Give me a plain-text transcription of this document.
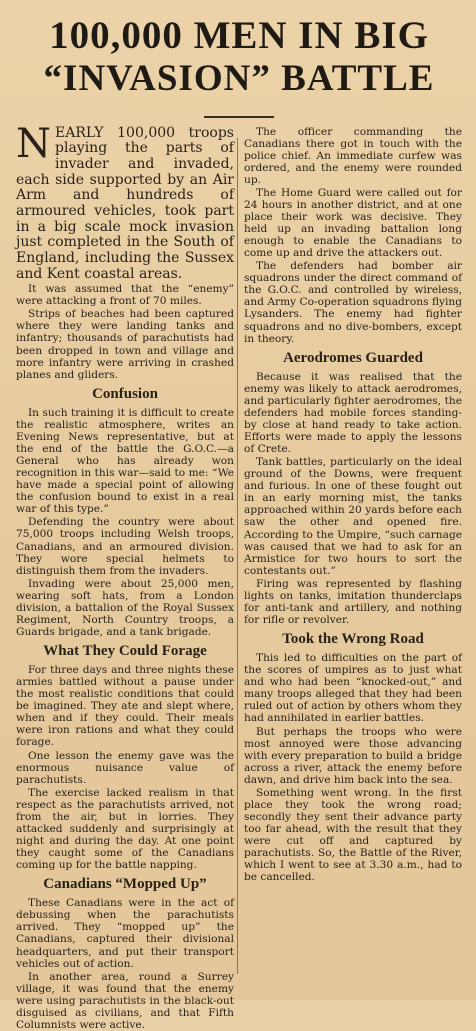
100,000 MEN IN BIG
“INVASION” BATTLE

NEARLY 100,000 troops playing the parts of invader and invaded, each side supported by an Air Arm and hundreds of armoured vehicles, took part in a big scale mock invasion just completed in the South of England, including the Sussex and Kent coastal areas.

It was assumed that the “enemy” were attacking a front of 70 miles.

Strips of beaches had been captured where they were landing tanks and infantry; thousands of parachutists had been dropped in town and village and more infantry were arriving in crashed planes and gliders.

Confusion

In such training it is difficult to create the realistic atmosphere, writes an Evening News representative, but at the end of the battle the G.O.C.—a General who has already won recognition in this war—said to me: “We have made a special point of allowing the confusion bound to exist in a real war of this type.”

Defending the country were about 75,000 troops including Welsh troops, Canadians, and an armoured division. They wore special helmets to distinguish them from the invaders.

Invading were about 25,000 men, wearing soft hats, from a London division, a battalion of the Royal Sussex Regiment, North Country troops, a Guards brigade, and a tank brigade.

What They Could Forage

For three days and three nights these armies battled without a pause under the most realistic conditions that could be imagined. They ate and slept where, when and if they could. Their meals were iron rations and what they could forage.

One lesson the enemy gave was the enormous nuisance value of parachutists.

The exercise lacked realism in that respect as the parachutists arrived, not from the air, but in lorries. They attacked suddenly and surprisingly at night and during the day. At one point they caught some of the Canadians coming up for the battle napping.

Canadians “Mopped Up”

These Canadians were in the act of debussing when the parachutists arrived. They “mopped up” the Canadians, captured their divisional headquarters, and put their transport vehicles out of action.

In another area, round a Surrey village, it was found that the enemy were using parachutists in the black-out disguised as civilians, and that Fifth Columnists were active.

The officer commanding the Canadians there got in touch with the police chief. An immediate curfew was ordered, and the enemy were rounded up.

The Home Guard were called out for 24 hours in another district, and at one place their work was decisive. They held up an invading battalion long enough to enable the Canadians to come up and drive the attackers out.

The defenders had bomber air squadrons under the direct command of the G.O.C. and controlled by wireless, and Army Co-operation squadrons flying Lysanders. The enemy had fighter squadrons and no dive-bombers, except in theory.

Aerodromes Guarded

Because it was realised that the enemy was likely to attack aerodromes, and particularly fighter aerodromes, the defenders had mobile forces standing-by close at hand ready to take action. Efforts were made to apply the lessons of Crete.

Tank battles, particularly on the ideal ground of the Downs, were frequent and furious. In one of these fought out in an early morning mist, the tanks approached within 20 yards before each saw the other and opened fire. According to the Umpire, “such carnage was caused that we had to ask for an Armistice for two hours to sort the contestants out.”

Firing was represented by flashing lights on tanks, imitation thunderclaps for anti-tank and artillery, and nothing for rifle or revolver.

Took the Wrong Road

This led to difficulties on the part of the scores of umpires as to just what and who had been “knocked-out,” and many troops alleged that they had been ruled out of action by others whom they had annihilated in earlier battles.

But perhaps the troops who were most annoyed were those advancing with every preparation to build a bridge across a river, attack the enemy before dawn, and drive him back into the sea.

Something went wrong. In the first place they took the wrong road; secondly they sent their advance party too far ahead, with the result that they were cut off and captured by parachutists. So, the Battle of the River, which I went to see at 3.30 a.m., had to be cancelled.
